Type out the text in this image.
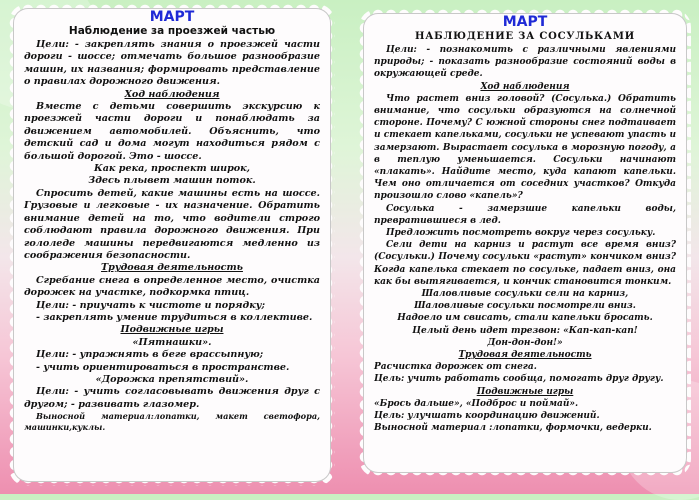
МАРТ
Наблюдение за проезжей частью

Цели: - закреплять знания о проезжей части дороги - шоссе; отмечать большое разнообразие машин, их названия; формировать представление о правилах дорожного движения.

Ход наблюдения

Вместе с детьми совершить экскурсию к проезжей части дороги и понаблюдать за движением автомобилей. Объяснить, что детский сад и дома могут находиться рядом с большой дорогой. Это - шоссе.

Как река, проспект широк,

Здесь плывет машин поток.

Спросить детей, какие машины есть на шоссе. Грузовые и легковые - их назначение. Обратить внимание детей на то, что водители строго соблюдают правила дорожного движения. При гололеде машины передвигаются медленно из соображения безопасности.

Трудовая деятельность

Сгребание снега в определенное место, очистка дорожек на участке, подкормка птиц.

Цели: - приучать к чистоте и порядку;

- закреплять умение трудиться в коллективе.

Подвижные игры

«Пятнашки».

Цели: - упражнять в беге врассыпную;

- учить ориентироваться в пространстве.

«Дорожка препятствий».

Цели: - учить согласовывать движения друг с другом; - развивать глазомер.

Выносной материал:лопатки, макет светофора, машинки,куклы.

МАРТ
НАБЛЮДЕНИЕ ЗА СОСУЛЬКАМИ

Цели: - познакомить с различными явлениями природы; - показать разнообразие состояний воды в окружающей среде.

Ход наблюдения

Что растет вниз головой? (Сосулька.) Обратить внимание, что сосульки образуются на солнечной стороне. Почему? С южной стороны снег подтаивает и стекает капельками, сосульки не успевают упасть и замерзают. Вырастает сосулька в морозную погоду, а в теплую уменьшается. Сосульки начинают «плакать». Найдите место, куда капают капельки. Чем оно отличается от соседних участков? Откуда произошло слово «капель»?

Сосулька - замерзшие капельки воды, превратившиеся в лед.

Предложить посмотреть вокруг через сосульку.

Сели дети на карниз и растут все время вниз? (Сосульки.) Почему сосульки «растут» кончиком вниз? Когда капелька стекает по сосульке, падает вниз, она как бы вытягивается, и кончик становится тонким.

Шаловливые сосульки сели на карниз,

Шаловливые сосульки посмотрели вниз.

Надоело им свисать, стали капельки бросать.

Целый день идет трезвон: «Кап-кап-кап!

Дон-дон-дон!»

Трудовая деятельность

Расчистка дорожек от снега.

Цель: учить работать сообща, помогать друг другу.

Подвижные игры

«Брось дальше», «Подброс и поймай».

Цель: улучшать координацию движений.

Выносной материал :лопатки, формочки, ведерки.
